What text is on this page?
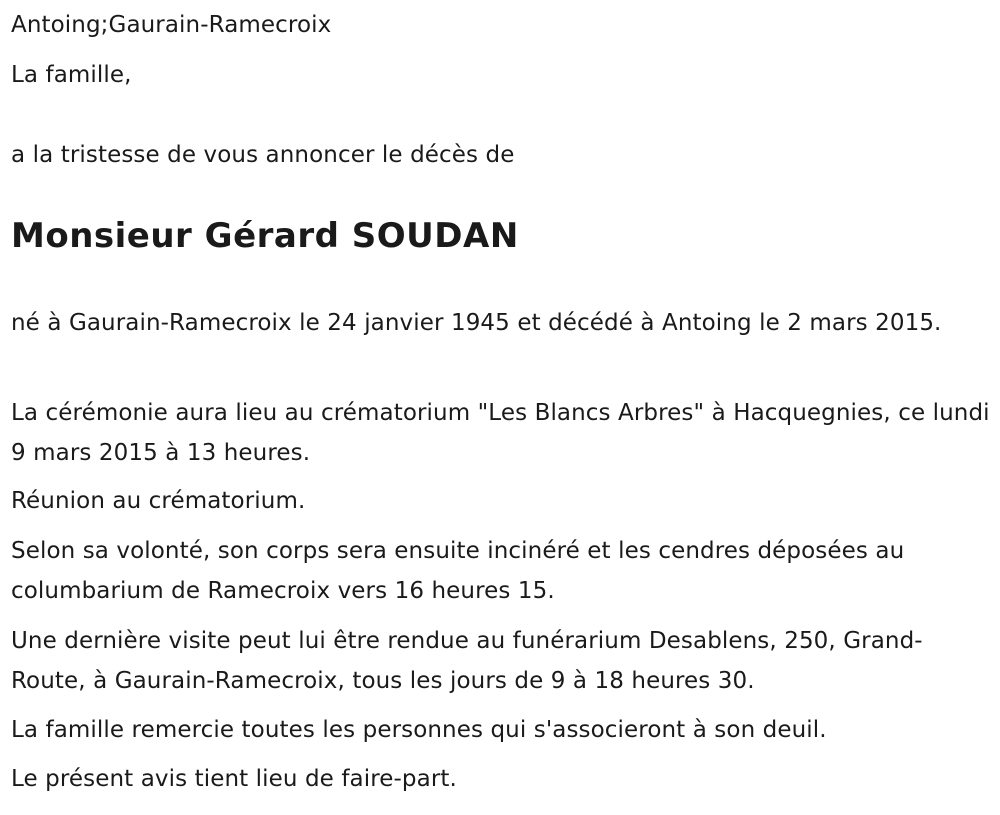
Antoing;Gaurain-Ramecroix

La famille,

a la tristesse de vous annoncer le décès de

Monsieur Gérard SOUDAN

né à Gaurain-Ramecroix le 24 janvier 1945 et décédé à Antoing le 2 mars 2015.

La cérémonie aura lieu au crématorium "Les Blancs Arbres" à Hacquegnies, ce lundi 9 mars 2015 à 13 heures.

Réunion au crématorium.

Selon sa volonté, son corps sera ensuite incinéré et les cendres déposées au columbarium de Ramecroix vers 16 heures 15.

Une dernière visite peut lui être rendue au funérarium Desablens, 250, Grand-Route, à Gaurain-Ramecroix, tous les jours de 9 à 18 heures 30.

La famille remercie toutes les personnes qui s'associeront à son deuil.

Le présent avis tient lieu de faire-part.
